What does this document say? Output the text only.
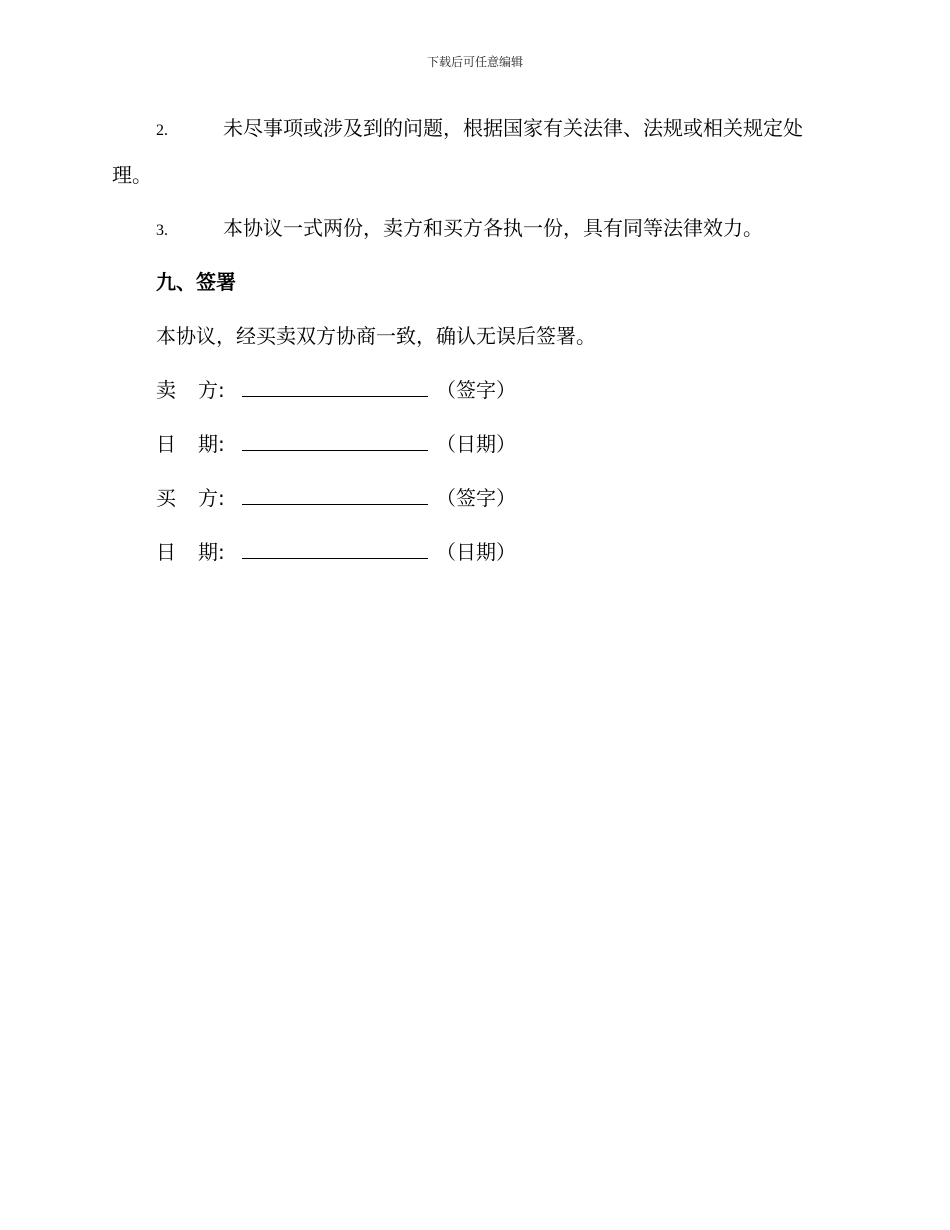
下载后可任意编辑
2.	未尽事项或涉及到的问题，根据国家有关法律、法规或相关规定处理。
3.	本协议一式两份，卖方和买方各执一份，具有同等法律效力。
九、签署
本协议，经买卖双方协商一致，确认无误后签署。
卖 方:	（签字）
日 期:	（日期）
买 方:	（签字）
日 期:	（日期）
